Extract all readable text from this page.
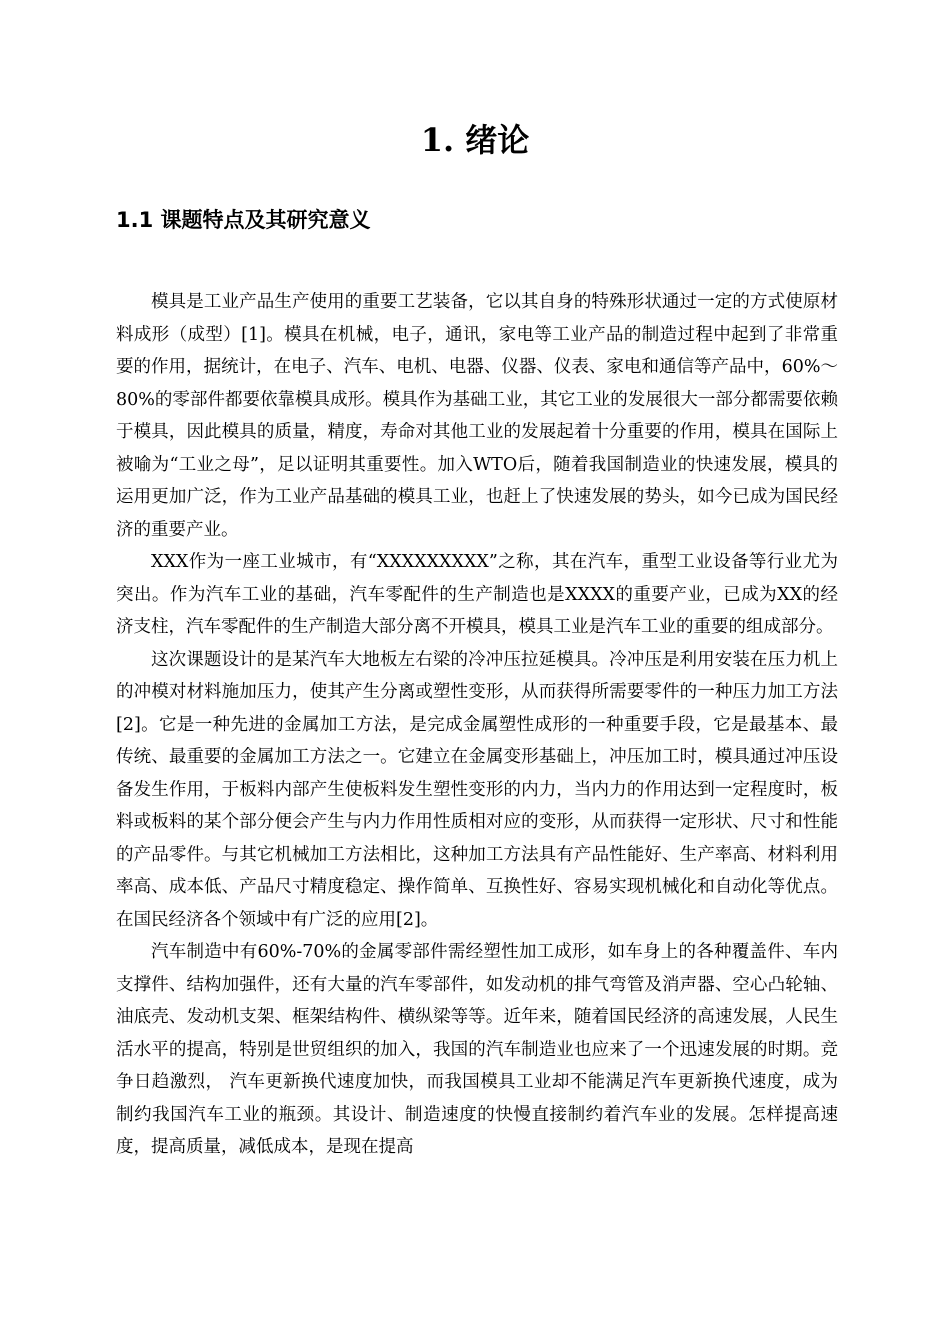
1. 绪论
1.1 课题特点及其研究意义

模具是工业产品生产使用的重要工艺装备，它以其自身的特殊形状通过一定的方式使原材料成形（成型）[1]。模具在机械，电子，通讯，家电等工业产品的制造过程中起到了非常重要的作用，据统计，在电子、汽车、电机、电器、仪器、仪表、家电和通信等产品中，60%～80%的零部件都要依靠模具成形。模具作为基础工业，其它工业的发展很大一部分都需要依赖于模具，因此模具的质量，精度，寿命对其他工业的发展起着十分重要的作用，模具在国际上被喻为“工业之母”，足以证明其重要性。加入WTO后，随着我国制造业的快速发展，模具的运用更加广泛，作为工业产品基础的模具工业，也赶上了快速发展的势头，如今已成为国民经济的重要产业。

XXX作为一座工业城市，有“XXXXXXXXX”之称，其在汽车，重型工业设备等行业尤为突出。作为汽车工业的基础，汽车零配件的生产制造也是XXXX的重要产业，已成为XX的经济支柱，汽车零配件的生产制造大部分离不开模具，模具工业是汽车工业的重要的组成部分。

这次课题设计的是某汽车大地板左右梁的冷冲压拉延模具。冷冲压是利用安装在压力机上的冲模对材料施加压力，使其产生分离或塑性变形，从而获得所需要零件的一种压力加工方法[2]。它是一种先进的金属加工方法，是完成金属塑性成形的一种重要手段，它是最基本、最传统、最重要的金属加工方法之一。它建立在金属变形基础上，冲压加工时，模具通过冲压设备发生作用，于板料内部产生使板料发生塑性变形的内力，当内力的作用达到一定程度时，板料或板料的某个部分便会产生与内力作用性质相对应的变形，从而获得一定形状、尺寸和性能的产品零件。与其它机械加工方法相比，这种加工方法具有产品性能好、生产率高、材料利用率高、成本低、产品尺寸精度稳定、操作简单、互换性好、容易实现机械化和自动化等优点。在国民经济各个领域中有广泛的应用[2]。

汽车制造中有60%-70%的金属零部件需经塑性加工成形，如车身上的各种覆盖件、车内支撑件、结构加强件，还有大量的汽车零部件，如发动机的排气弯管及消声器、空心凸轮轴、油底壳、发动机支架、框架结构件、横纵梁等等。近年来，随着国民经济的高速发展，人民生活水平的提高，特别是世贸组织的加入，我国的汽车制造业也应来了一个迅速发展的时期。竞争日趋激烈， 汽车更新换代速度加快，而我国模具工业却不能满足汽车更新换代速度，成为制约我国汽车工业的瓶颈。其设计、制造速度的快慢直接制约着汽车业的发展。怎样提高速度，提高质量，减低成本，是现在提高
